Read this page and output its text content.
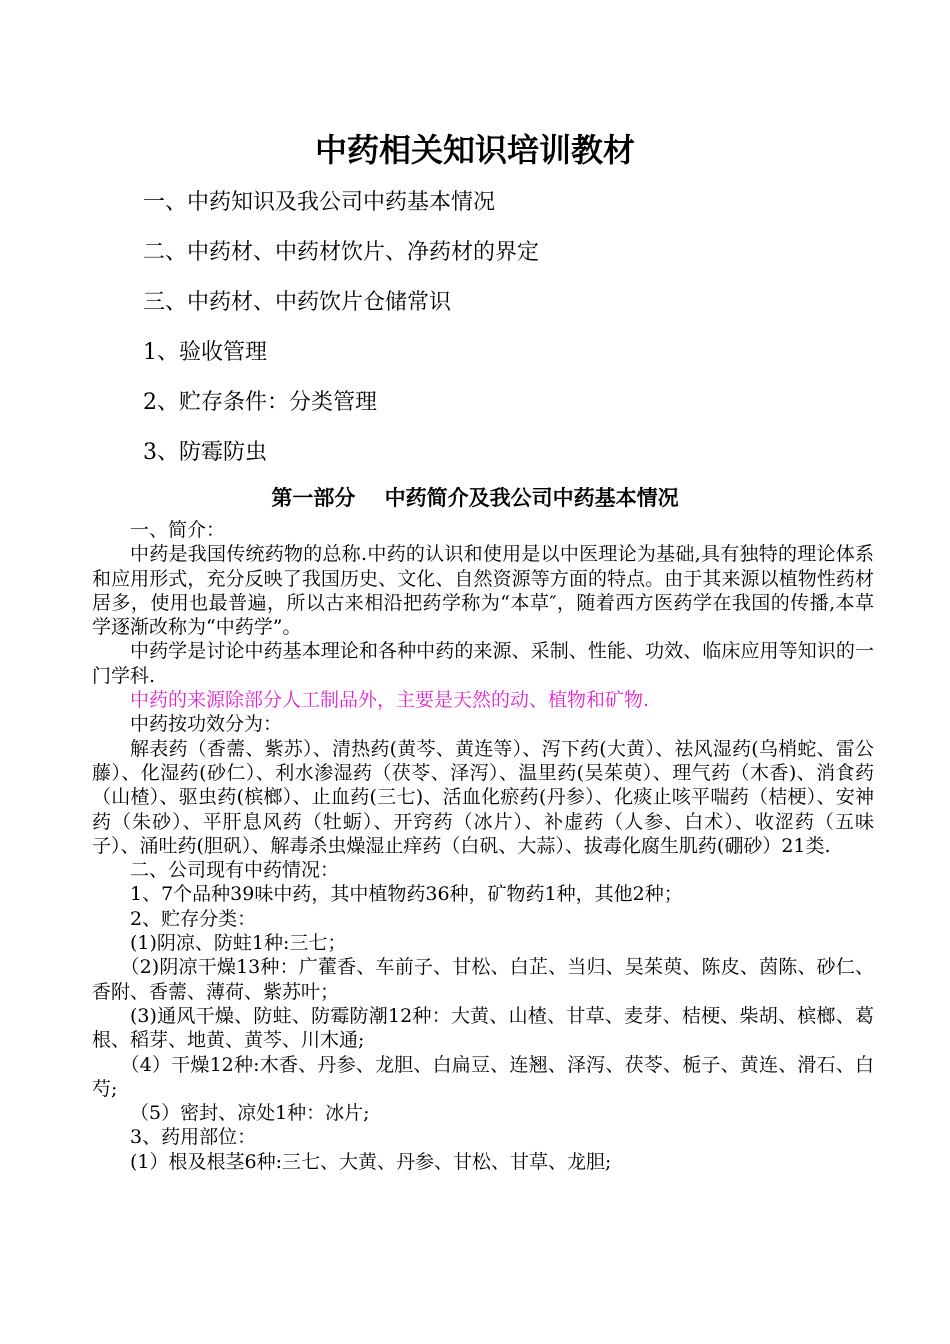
中药相关知识培训教材
一、中药知识及我公司中药基本情况
二、中药材、中药材饮片、净药材的界定
三、中药材、中药饮片仓储常识
1、验收管理
2、贮存条件：分类管理
3、防霉防虫
第一部分    中药简介及我公司中药基本情况

一、简介：

中药是我国传统药物的总称.中药的认识和使用是以中医理论为基础,具有独特的理论体系和应用形式，充分反映了我国历史、文化、自然资源等方面的特点。由于其来源以植物性药材居多，使用也最普遍，所以古来相沿把药学称为“本草″，随着西方医药学在我国的传播,本草学逐渐改称为“中药学”。

中药学是讨论中药基本理论和各种中药的来源、采制、性能、功效、临床应用等知识的一门学科.

中药的来源除部分人工制品外，主要是天然的动、植物和矿物.

中药按功效分为：

解表药（香薷、紫苏）、清热药(黄芩、黄连等）、泻下药(大黄）、祛风湿药(乌梢蛇、雷公藤）、化湿药(砂仁）、利水渗湿药（茯苓、泽泻）、温里药(吴茱萸）、理气药（木香)、消食药（山楂）、驱虫药(槟榔）、止血药(三七)、活血化瘀药(丹参）、化痰止咳平喘药（桔梗）、安神药（朱砂）、平肝息风药（牡蛎）、开窍药（冰片）、补虚药（人参、白术）、收涩药（五味子）、涌吐药(胆矾）、解毒杀虫燥湿止痒药（白矾、大蒜）、拔毒化腐生肌药(硼砂）21类.

二、公司现有中药情况：

1、7个品种39味中药，其中植物药36种，矿物药1种，其他2种；

2、贮存分类：

(1)阴凉、防蛀1种:三七；

（2)阴凉干燥13种：广藿香、车前子、甘松、白芷、当归、吴茱萸、陈皮、茵陈、砂仁、香附、香薷、薄荷、紫苏叶；

(3)通风干燥、防蛀、防霉防潮12种：大黄、山楂、甘草、麦芽、桔梗、柴胡、槟榔、葛根、稻芽、地黄、黄芩、川木通;

（4）干燥12种:木香、丹参、龙胆、白扁豆、连翘、泽泻、茯苓、栀子、黄连、滑石、白芍;

（5）密封、凉处1种：冰片;

3、药用部位：

(1）根及根茎6种:三七、大黄、丹参、甘松、甘草、龙胆;
